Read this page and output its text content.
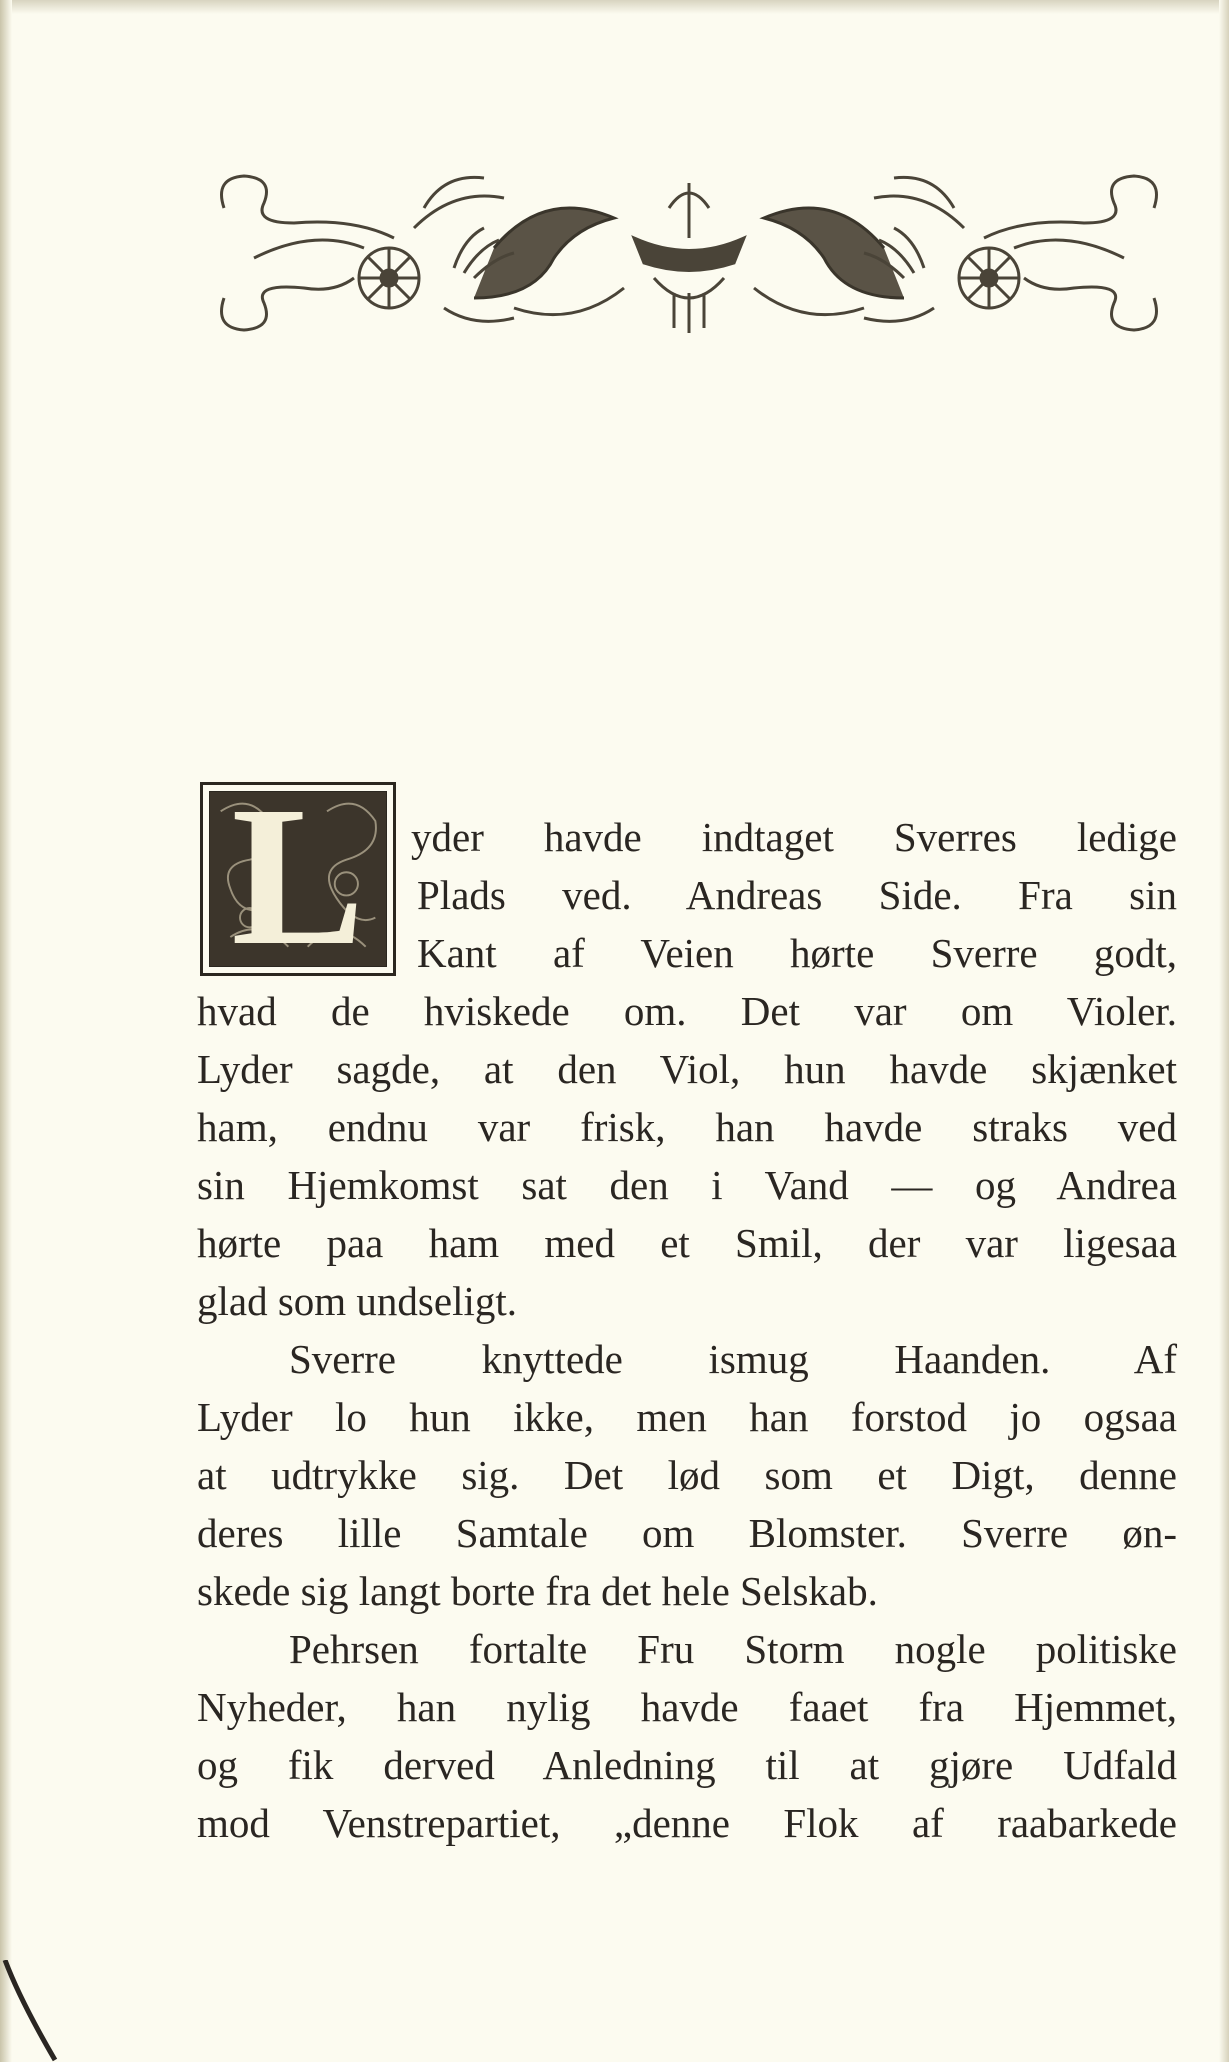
L	yder havde indtaget Sverres ledige
Plads ved. Andreas Side. Fra sin
Kant af Veien hørte Sverre godt,
hvad de hviskede om. Det var om Violer.
Lyder sagde, at den Viol, hun havde skjænket
ham, endnu var frisk, han havde straks ved
sin Hjemkomst sat den i Vand — og Andrea
hørte paa ham med et Smil, der var ligesaa
glad som undseligt.
Sverre knyttede ismug Haanden. Af
Lyder lo hun ikke, men han forstod jo ogsaa
at udtrykke sig. Det lød som et Digt, denne
deres lille Samtale om Blomster. Sverre øn-
skede sig langt borte fra det hele Selskab.
Pehrsen fortalte Fru Storm nogle politiske
Nyheder, han nylig havde faaet fra Hjemmet,
og fik derved Anledning til at gjøre Udfald
mod Venstrepartiet, „denne Flok af raabarkede
